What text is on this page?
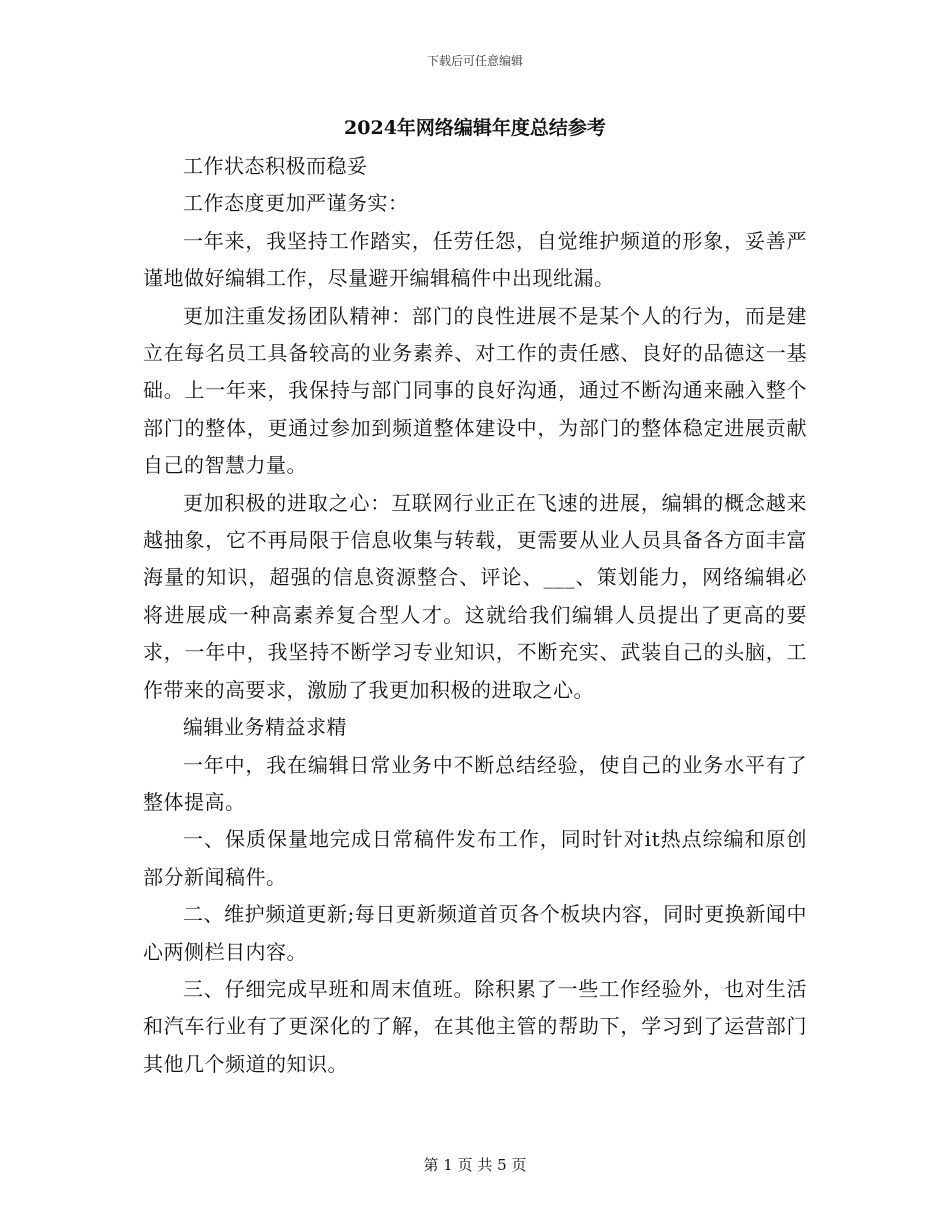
下载后可任意编辑
2024年网络编辑年度总结参考

工作状态积极而稳妥

工作态度更加严谨务实：

一年来，我坚持工作踏实，任劳任怨，自觉维护频道的形象，妥善严谨地做好编辑工作，尽量避开编辑稿件中出现纰漏。

更加注重发扬团队精神：部门的良性进展不是某个人的行为，而是建立在每名员工具备较高的业务素养、对工作的责任感、良好的品德这一基础。上一年来，我保持与部门同事的良好沟通，通过不断沟通来融入整个部门的整体，更通过参加到频道整体建设中，为部门的整体稳定进展贡献自己的智慧力量。

更加积极的进取之心：互联网行业正在飞速的进展，编辑的概念越来越抽象，它不再局限于信息收集与转载，更需要从业人员具备各方面丰富海量的知识，超强的信息资源整合、评论、___、策划能力，网络编辑必将进展成一种高素养复合型人才。这就给我们编辑人员提出了更高的要求，一年中，我坚持不断学习专业知识，不断充实、武装自己的头脑，工作带来的高要求，激励了我更加积极的进取之心。

编辑业务精益求精

一年中，我在编辑日常业务中不断总结经验，使自己的业务水平有了整体提高。

一、保质保量地完成日常稿件发布工作，同时针对it热点综编和原创部分新闻稿件。

二、维护频道更新;每日更新频道首页各个板块内容，同时更换新闻中心两侧栏目内容。

三、仔细完成早班和周末值班。除积累了一些工作经验外，也对生活和汽车行业有了更深化的了解，在其他主管的帮助下，学习到了运营部门其他几个频道的知识。

第 1 页 共 5 页
